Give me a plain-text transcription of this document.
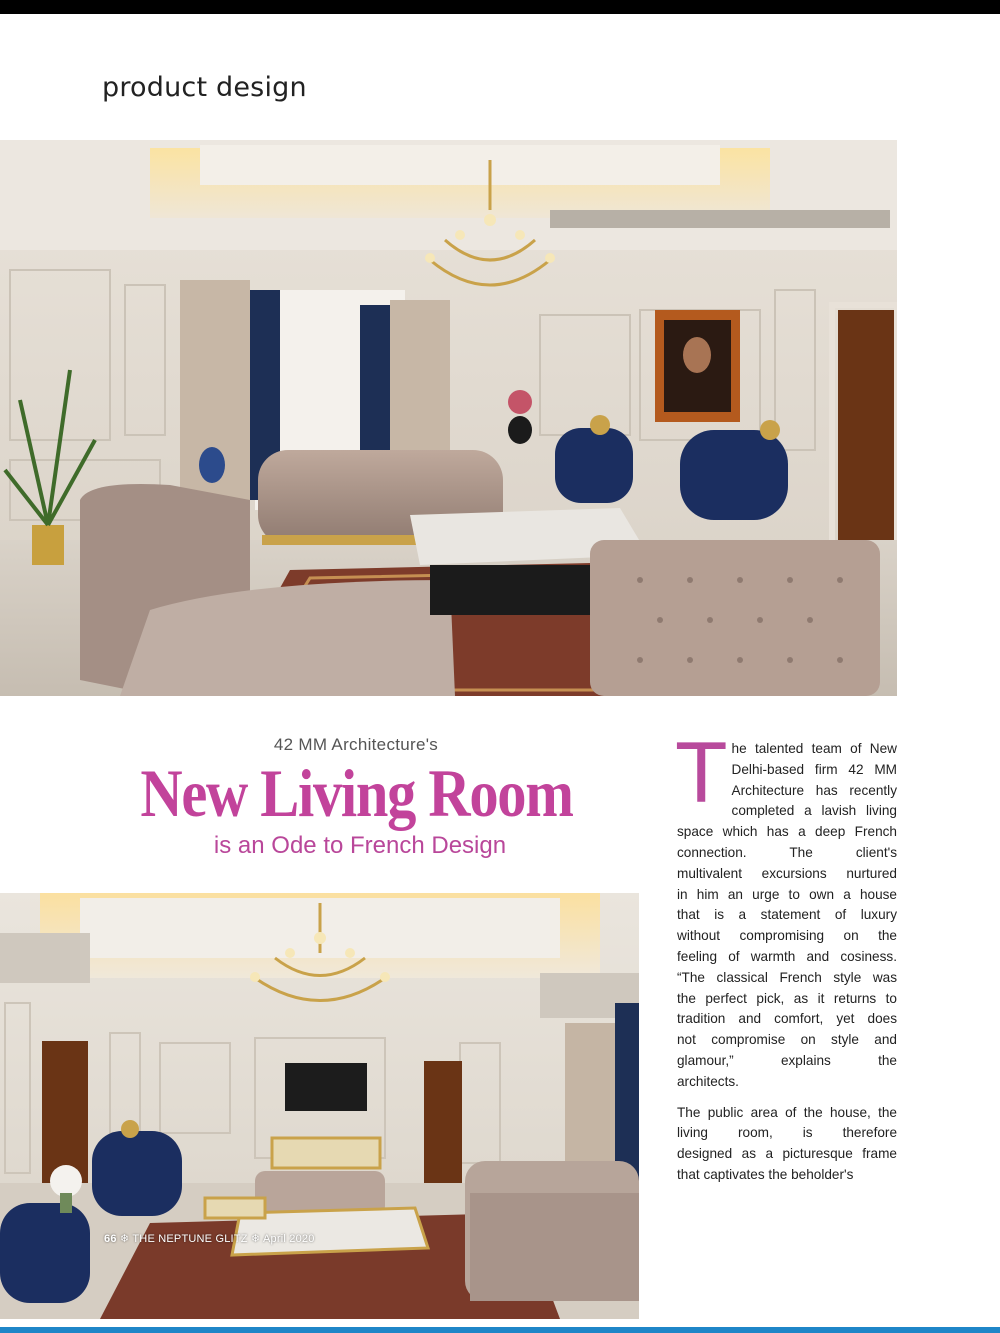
product design
42 MM Architecture's
New Living Room
is an Ode to French Design
66 ❄ THE NEPTUNE GLITZ ❄ April 2020

T he talented team of New
Delhi-based firm 42 MM
Architecture has recently
completed a lavish living
space which has a deep French
connection. The client's
multivalent excursions nurtured
in him an urge to own a house
that is a statement of luxury
without compromising on the
feeling of warmth and cosiness.
“The classical French style was
the perfect pick, as it returns to
tradition and comfort, yet does
not compromise on style and
glamour,” explains the
architects.

The public area of the house, the
living room, is therefore
designed as a picturesque frame
that captivates the beholder's
